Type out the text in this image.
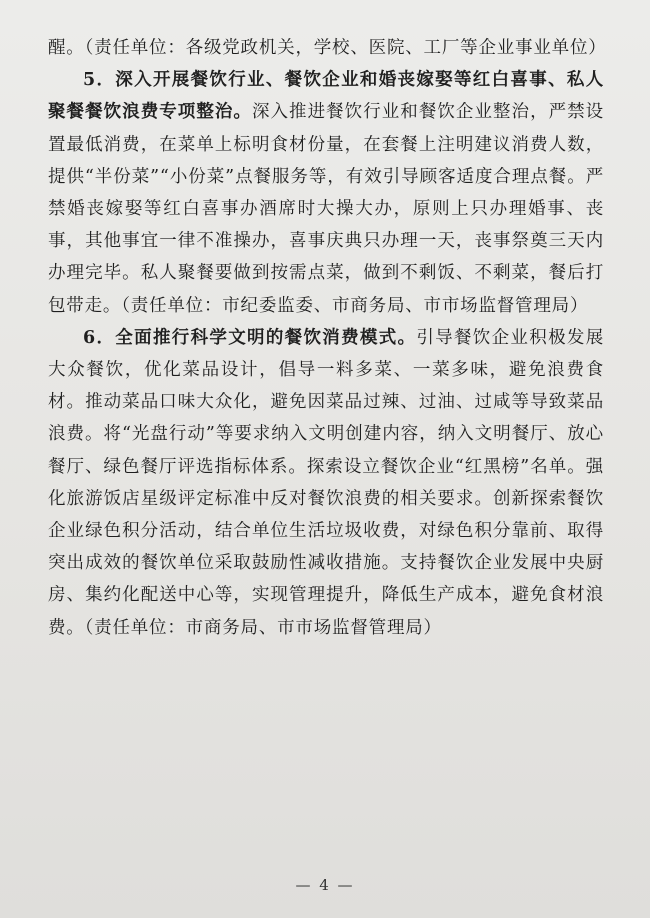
醒。（责任单位：各级党政机关，学校、医院、工厂等企业事业单位）

5．深入开展餐饮行业、餐饮企业和婚丧嫁娶等红白喜事、私人聚餐餐饮浪费专项整治。深入推进餐饮行业和餐饮企业整治，严禁设置最低消费，在菜单上标明食材份量，在套餐上注明建议消费人数，提供“半份菜”“小份菜”点餐服务等，有效引导顾客适度合理点餐。严禁婚丧嫁娶等红白喜事办酒席时大操大办，原则上只办理婚事、丧事，其他事宜一律不准操办，喜事庆典只办理一天，丧事祭奠三天内办理完毕。私人聚餐要做到按需点菜，做到不剩饭、不剩菜，餐后打包带走。（责任单位：市纪委监委、市商务局、市市场监督管理局）

6．全面推行科学文明的餐饮消费模式。引导餐饮企业积极发展大众餐饮，优化菜品设计，倡导一料多菜、一菜多味，避免浪费食材。推动菜品口味大众化，避免因菜品过辣、过油、过咸等导致菜品浪费。将“光盘行动”等要求纳入文明创建内容，纳入文明餐厅、放心餐厅、绿色餐厅评选指标体系。探索设立餐饮企业“红黑榜”名单。强化旅游饭店星级评定标准中反对餐饮浪费的相关要求。创新探索餐饮企业绿色积分活动，结合单位生活垃圾收费，对绿色积分靠前、取得突出成效的餐饮单位采取鼓励性减收措施。支持餐饮企业发展中央厨房、集约化配送中心等，实现管理提升，降低生产成本，避免食材浪费。（责任单位：市商务局、市市场监督管理局）

— 4 —
